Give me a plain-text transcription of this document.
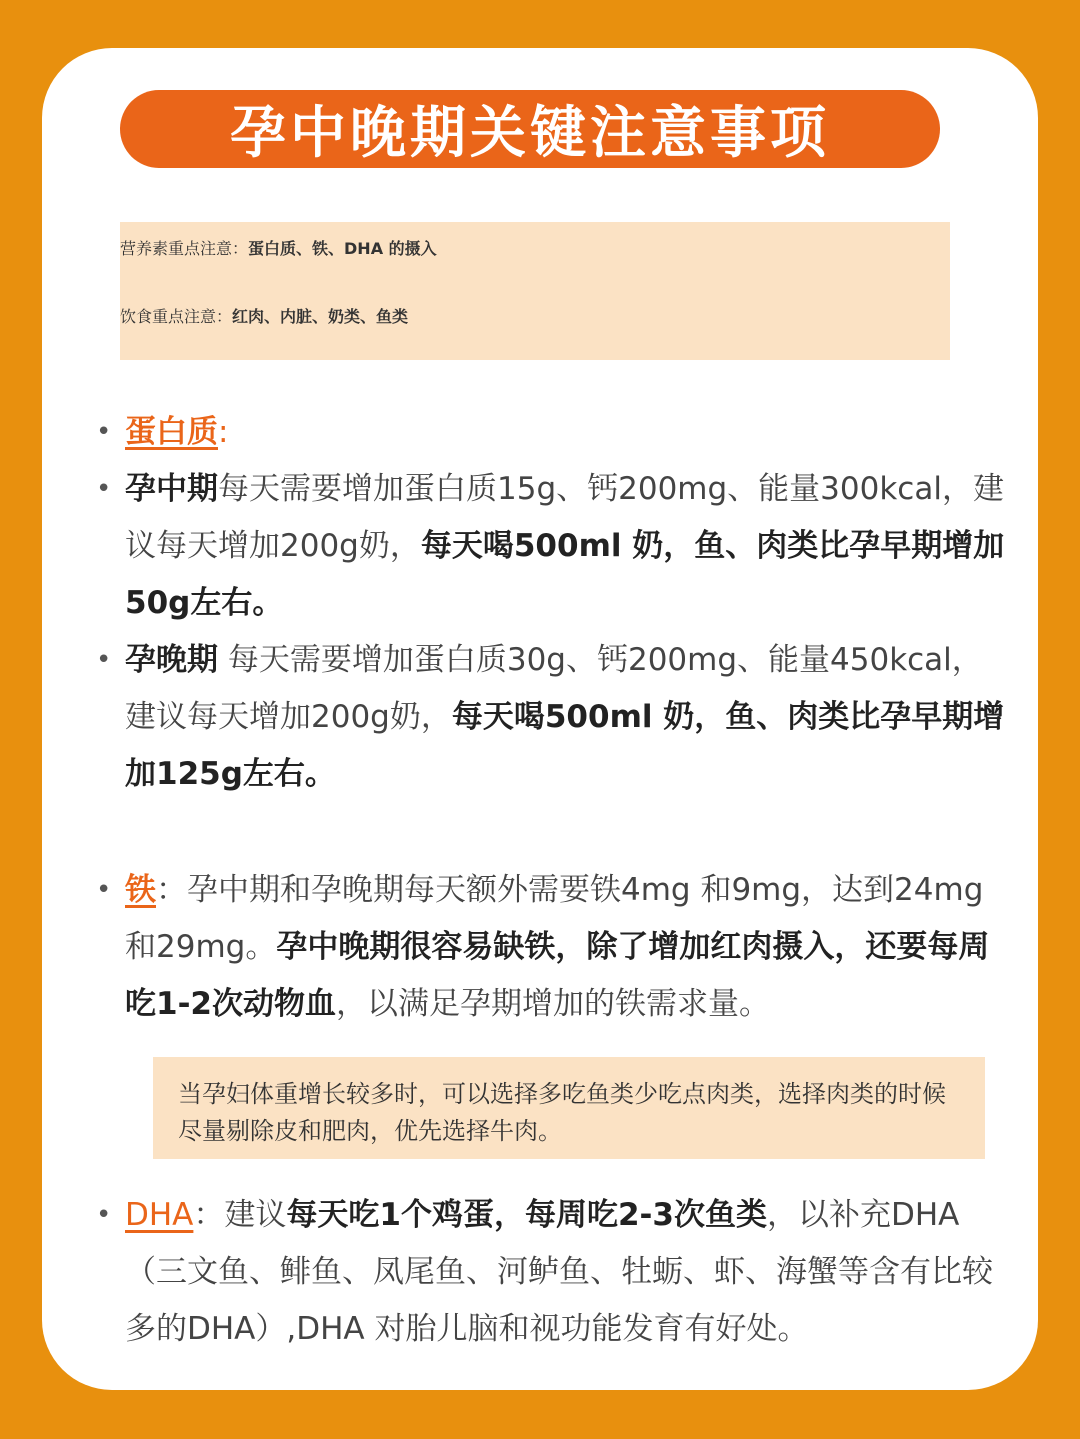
孕中晚期关键注意事项
营养素重点注意：蛋白质、铁、DHA 的摄入
饮食重点注意：红肉、内脏、奶类、鱼类
• 蛋白质:
• 孕中期每天需要增加蛋白质15g、钙200mg、能量300kcal，建议每天增加200g奶，每天喝500ml 奶，鱼、肉类比孕早期增加50g左右。
• 孕晚期 每天需要增加蛋白质30g、钙200mg、能量450kcal，建议每天增加200g奶，每天喝500ml 奶，鱼、肉类比孕早期增加125g左右。
• 铁：孕中期和孕晚期每天额外需要铁4mg 和9mg，达到24mg和29mg。孕中晚期很容易缺铁，除了增加红肉摄入，还要每周吃1-2次动物血，以满足孕期增加的铁需求量。
当孕妇体重增长较多时，可以选择多吃鱼类少吃点肉类，选择肉类的时候尽量剔除皮和肥肉，优先选择牛肉。
• DHA：建议每天吃1个鸡蛋，每周吃2-3次鱼类，以补充DHA（三文鱼、鲱鱼、凤尾鱼、河鲈鱼、牡蛎、虾、海蟹等含有比较多的DHA）,DHA 对胎儿脑和视功能发育有好处。
